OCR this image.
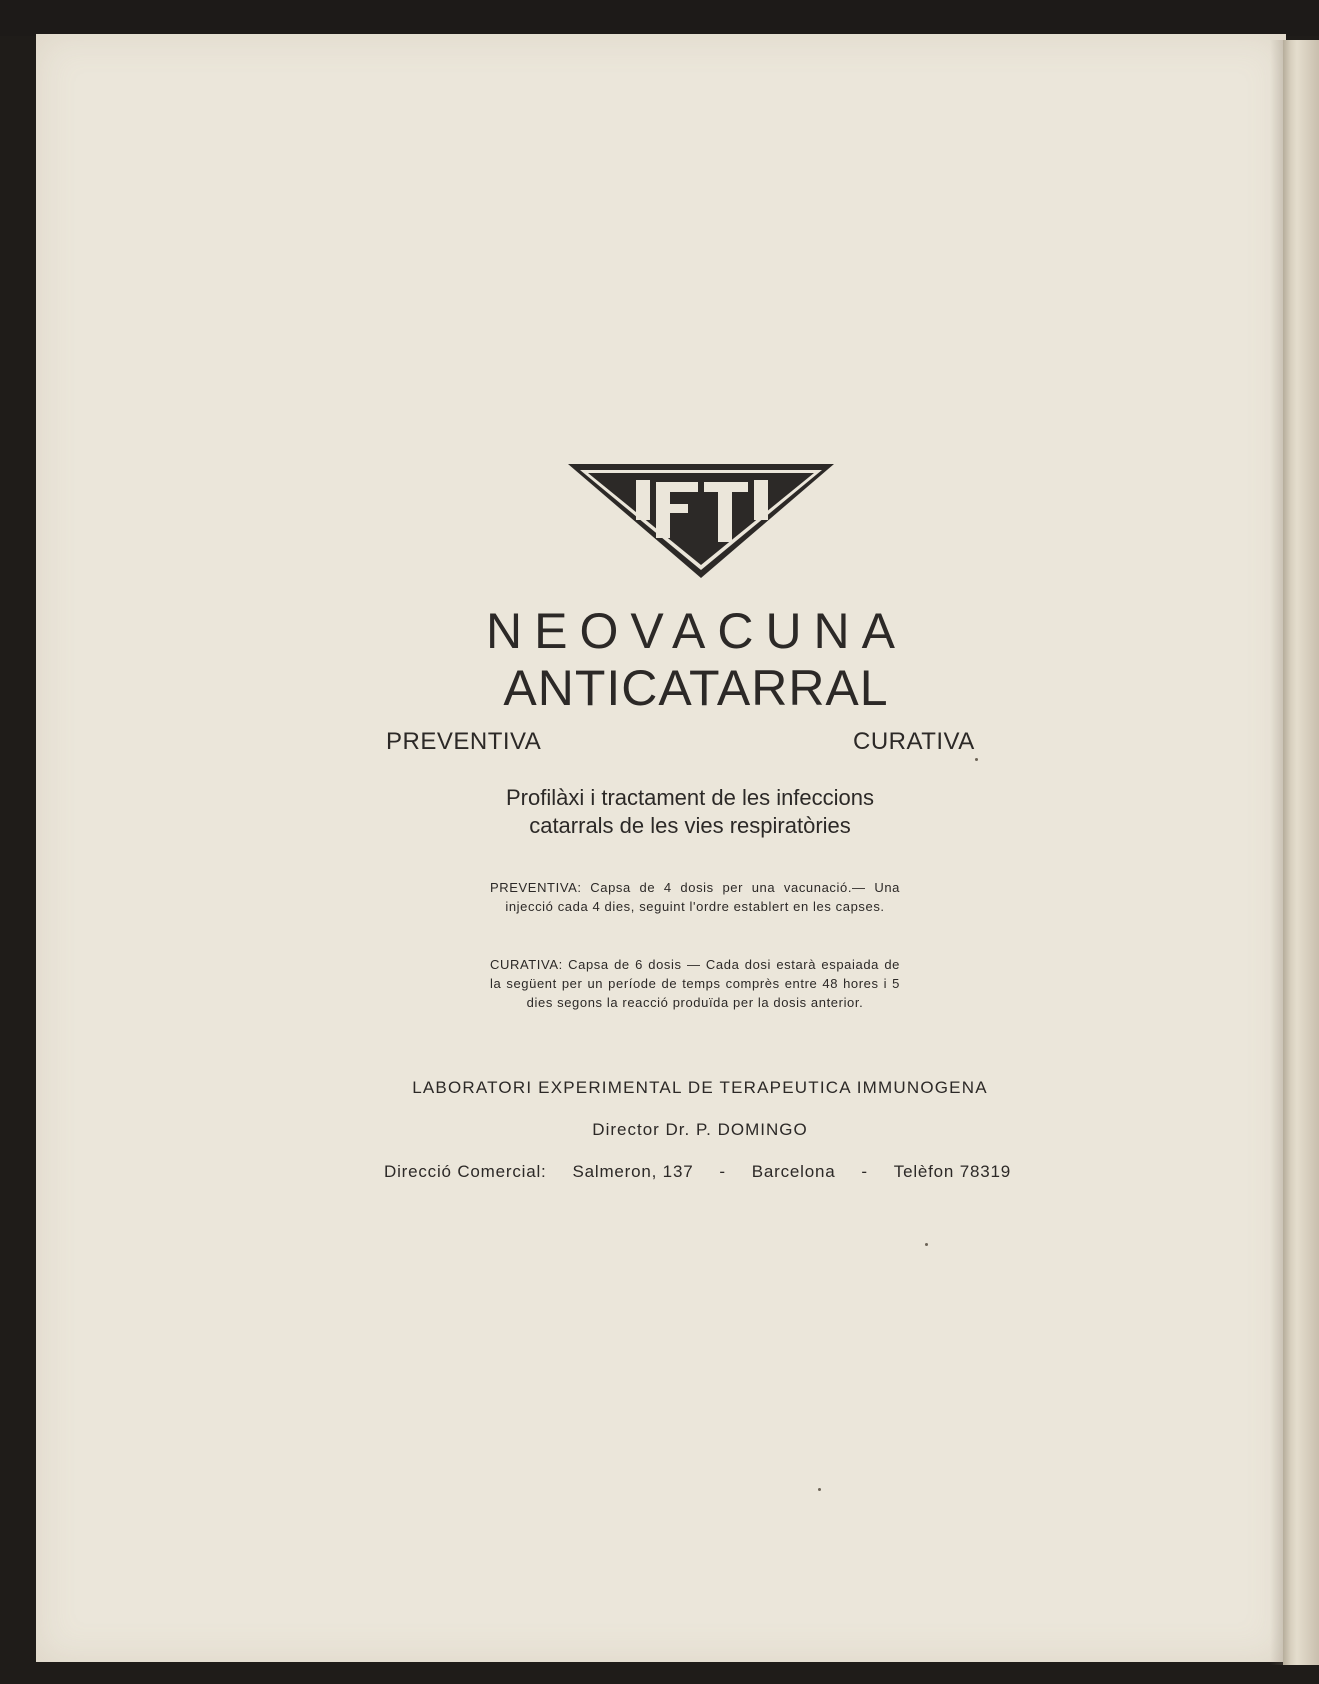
NEOVACUNA
ANTICATARRAL
PREVENTIVA	CURATIVA
Profilàxi i tractament de les infeccions
catarrals de les vies respiratòries
PREVENTIVA: Capsa de 4 dosis per una vacunació.— Una injecció cada 4 dies, seguint l'ordre establert en les capses.
CURATIVA: Capsa de 6 dosis — Cada dosi estarà espaiada de la següent per un període de temps comprès entre 48 hores i 5 dies segons la reacció produïda per la dosis anterior.
LABORATORI EXPERIMENTAL DE TERAPEUTICA IMMUNOGENA
Director Dr. P. DOMINGO
Direcció Comercial: Salmeron, 137 - Barcelona - Telèfon 78319
